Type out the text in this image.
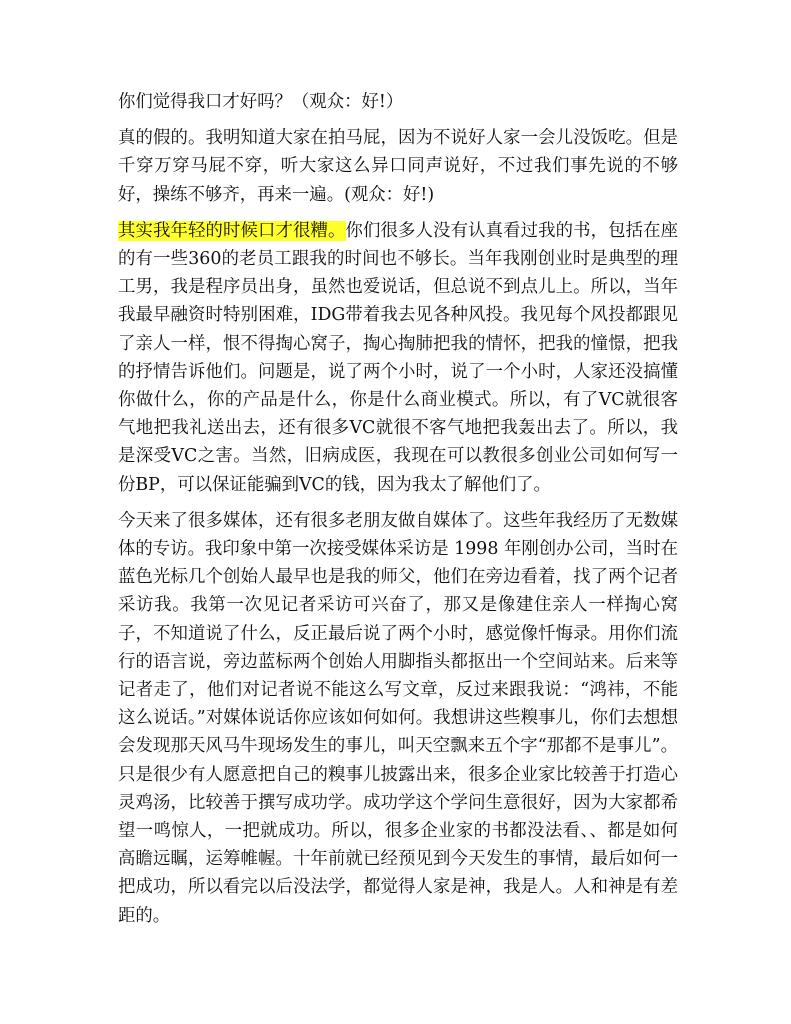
你们觉得我口才好吗？（观众：好!）

真的假的。我明知道大家在拍马屁，因为不说好人家一会儿没饭吃。但是千穿万穿马屁不穿，听大家这么异口同声说好，不过我们事先说的不够好，操练不够齐，再来一遍。(观众：好!)

其实我年轻的时候口才很糟。你们很多人没有认真看过我的书，包括在座的有一些360的老员工跟我的时间也不够长。当年我刚创业时是典型的理工男，我是程序员出身，虽然也爱说话，但总说不到点儿上。所以，当年我最早融资时特别困难，IDG带着我去见各种风投。我见每个风投都跟见了亲人一样，恨不得掏心窝子，掏心掏肺把我的情怀，把我的憧憬，把我的抒情告诉他们。问题是，说了两个小时，说了一个小时，人家还没搞懂你做什么，你的产品是什么，你是什么商业模式。所以，有了VC就很客气地把我礼送出去，还有很多VC就很不客气地把我轰出去了。所以，我是深受VC之害。当然，旧病成医，我现在可以教很多创业公司如何写一份BP，可以保证能骗到VC的钱，因为我太了解他们了。

今天来了很多媒体，还有很多老朋友做自媒体了。这些年我经历了无数媒体的专访。我印象中第一次接受媒体采访是 1998 年刚创办公司，当时在蓝色光标几个创始人最早也是我的师父，他们在旁边看着，找了两个记者采访我。我第一次见记者采访可兴奋了，那又是像建住亲人一样掏心窝子，不知道说了什么，反正最后说了两个小时，感觉像忏悔录。用你们流行的语言说，旁边蓝标两个创始人用脚指头都抠出一个空间站来。后来等记者走了，他们对记者说不能这么写文章，反过来跟我说：“鸿祎，不能这么说话。”对媒体说话你应该如何如何。我想讲这些糗事儿，你们去想想会发现那天风马牛现场发生的事儿，叫天空飘来五个字“那都不是事儿”。只是很少有人愿意把自己的糗事儿披露出来，很多企业家比较善于打造心灵鸡汤，比较善于撰写成功学。成功学这个学问生意很好，因为大家都希望一鸣惊人，一把就成功。所以，很多企业家的书都没法看、、都是如何高瞻远瞩，运筹帷幄。十年前就已经预见到今天发生的事情，最后如何一把成功，所以看完以后没法学，都觉得人家是神，我是人。人和神是有差距的。
